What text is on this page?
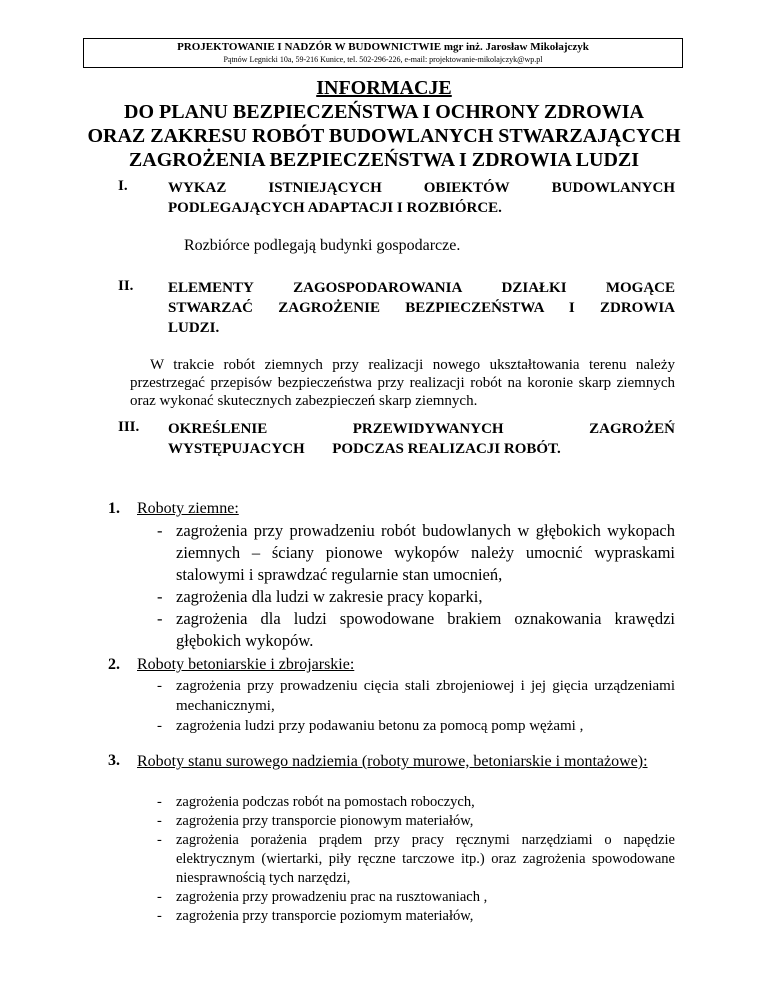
PROJEKTOWANIE I NADZÓR W BUDOWNICTWIE mgr inż. Jarosław Mikołajczyk
Pątnów Legnicki 10a, 59-216 Kunice, tel. 502-296-226, e-mail: projektowanie-mikolajczyk@wp.pl
INFORMACJE
DO PLANU BEZPIECZEŃSTWA I OCHRONY ZDROWIA
ORAZ ZAKRESU ROBÓT BUDOWLANYCH STWARZAJĄCYCH
ZAGROŻENIA BEZPIECZEŃSTWA I ZDROWIA LUDZI
I.	WYKAZ	ISTNIEJĄCYCH	OBIEKTÓW	BUDOWLANYCH
PODLEGAJĄCYCH ADAPTACJI I ROZBIÓRCE.
Rozbiórce podlegają budynki gospodarcze.
II. ELEMENTY	ZAGOSPODAROWANIA	DZIAŁKI	MOGĄCE
STWARZAĆ ZAGROŻENIE BEZPIECZEŃSTWA I ZDROWIA
LUDZI.
W trakcie robót ziemnych przy realizacji nowego ukształtowania terenu należy przestrzegać przepisów bezpieczeństwa przy realizacji robót na koronie skarp ziemnych oraz wykonać skutecznych zabezpieczeń skarp ziemnych.
III. OKREŚLENIE	PRZEWIDYWANYCH	ZAGROŻEŃ
WYSTĘPUJACYCH PODCZAS REALIZACJI ROBÓT.
1. Roboty ziemne:
- zagrożenia przy prowadzeniu robót budowlanych w głębokich wykopach ziemnych – ściany pionowe wykopów należy umocnić wypraskami stalowymi i sprawdzać regularnie stan umocnień,
- zagrożenia dla ludzi w zakresie pracy koparki,
- zagrożenia dla ludzi spowodowane brakiem oznakowania krawędzi głębokich wykopów.
2. Roboty betoniarskie i zbrojarskie:
- zagrożenia przy prowadzeniu cięcia stali zbrojeniowej i jej gięcia urządzeniami mechanicznymi,
- zagrożenia ludzi przy podawaniu betonu za pomocą pomp wężami ,
3. Roboty stanu surowego nadziemia (roboty murowe, betoniarskie i montażowe):
- zagrożenia podczas robót na pomostach roboczych,
- zagrożenia przy transporcie pionowym materiałów,
- zagrożenia porażenia prądem przy pracy ręcznymi narzędziami o napędzie elektrycznym (wiertarki, piły ręczne tarczowe itp.) oraz zagrożenia spowodowane niesprawnością tych narzędzi,
- zagrożenia przy prowadzeniu prac na rusztowaniach ,
- zagrożenia przy transporcie poziomym materiałów,
